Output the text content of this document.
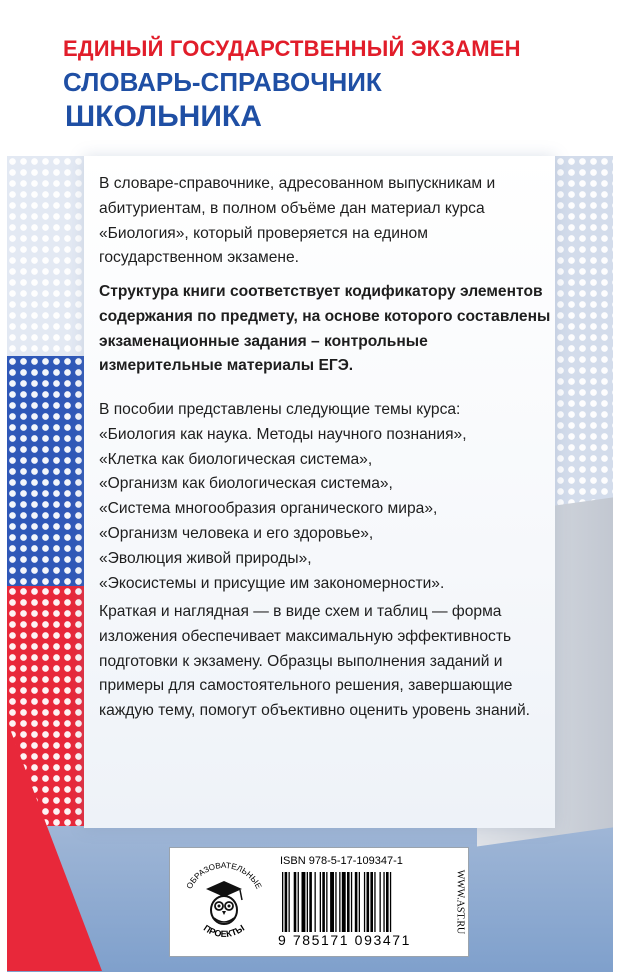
ЕДИНЫЙ ГОСУДАРСТВЕННЫЙ ЭКЗАМЕН
СЛОВАРЬ-СПРАВОЧНИК
ШКОЛЬНИКА

В словаре-справочнике, адресованном выпускникам и абитуриентам, в полном объёме дан материал курса «Биология», который проверяется на едином государственном экзамене.

Структура книги соответствует кодификатору элементов содержания по предмету, на основе которого составлены экзаменационные задания – контрольные измерительные материалы ЕГЭ.

В пособии представлены следующие темы курса:
«Биология как наука. Методы научного познания»,
«Клетка как биологическая система»,
«Организм как биологическая система»,
«Система многообразия органического мира»,
«Организм человека и его здоровье»,
«Эволюция живой природы»,
«Экосистемы и присущие им закономерности».

Краткая и наглядная — в виде схем и таблиц — форма изложения обеспечивает максимальную эффективность подготовки к экзамену. Образцы выполнения заданий и примеры для самостоятельного решения, завершающие каждую тему, помогут объективно оценить уровень знаний.

ОБРАЗОВАТЕЛЬНЫЕ
ПРОЕКТЫ
ISBN 978-5-17-109347-1
9 785171 093471
WWW.AST.RU
